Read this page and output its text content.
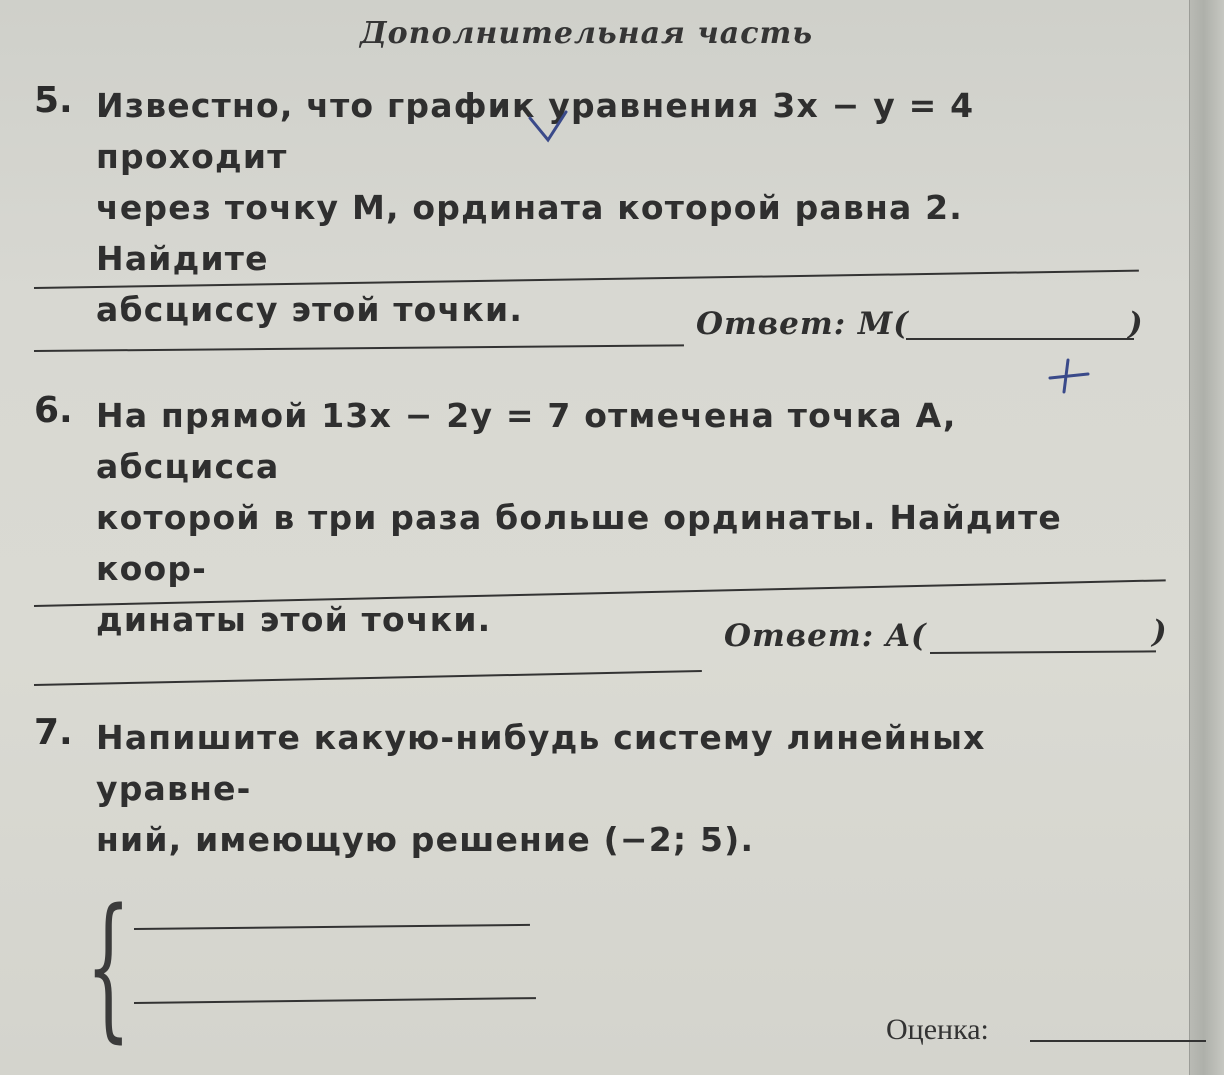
Дополнительная часть
5. Известно, что график уравнения 3x − y = 4 проходит
через точку M, ордината которой равна 2. Найдите
абсциссу этой точки.	Ответ: M(	)
6. На прямой 13x − 2y = 7 отмечена точка A, абсцисса
которой в три раза больше ординаты. Найдите коор-
динаты этой точки.	Ответ: A(	)
7. Напишите какую-нибудь систему линейных уравне-
ний, имеющую решение (−2; 5).
{	Оценка:
